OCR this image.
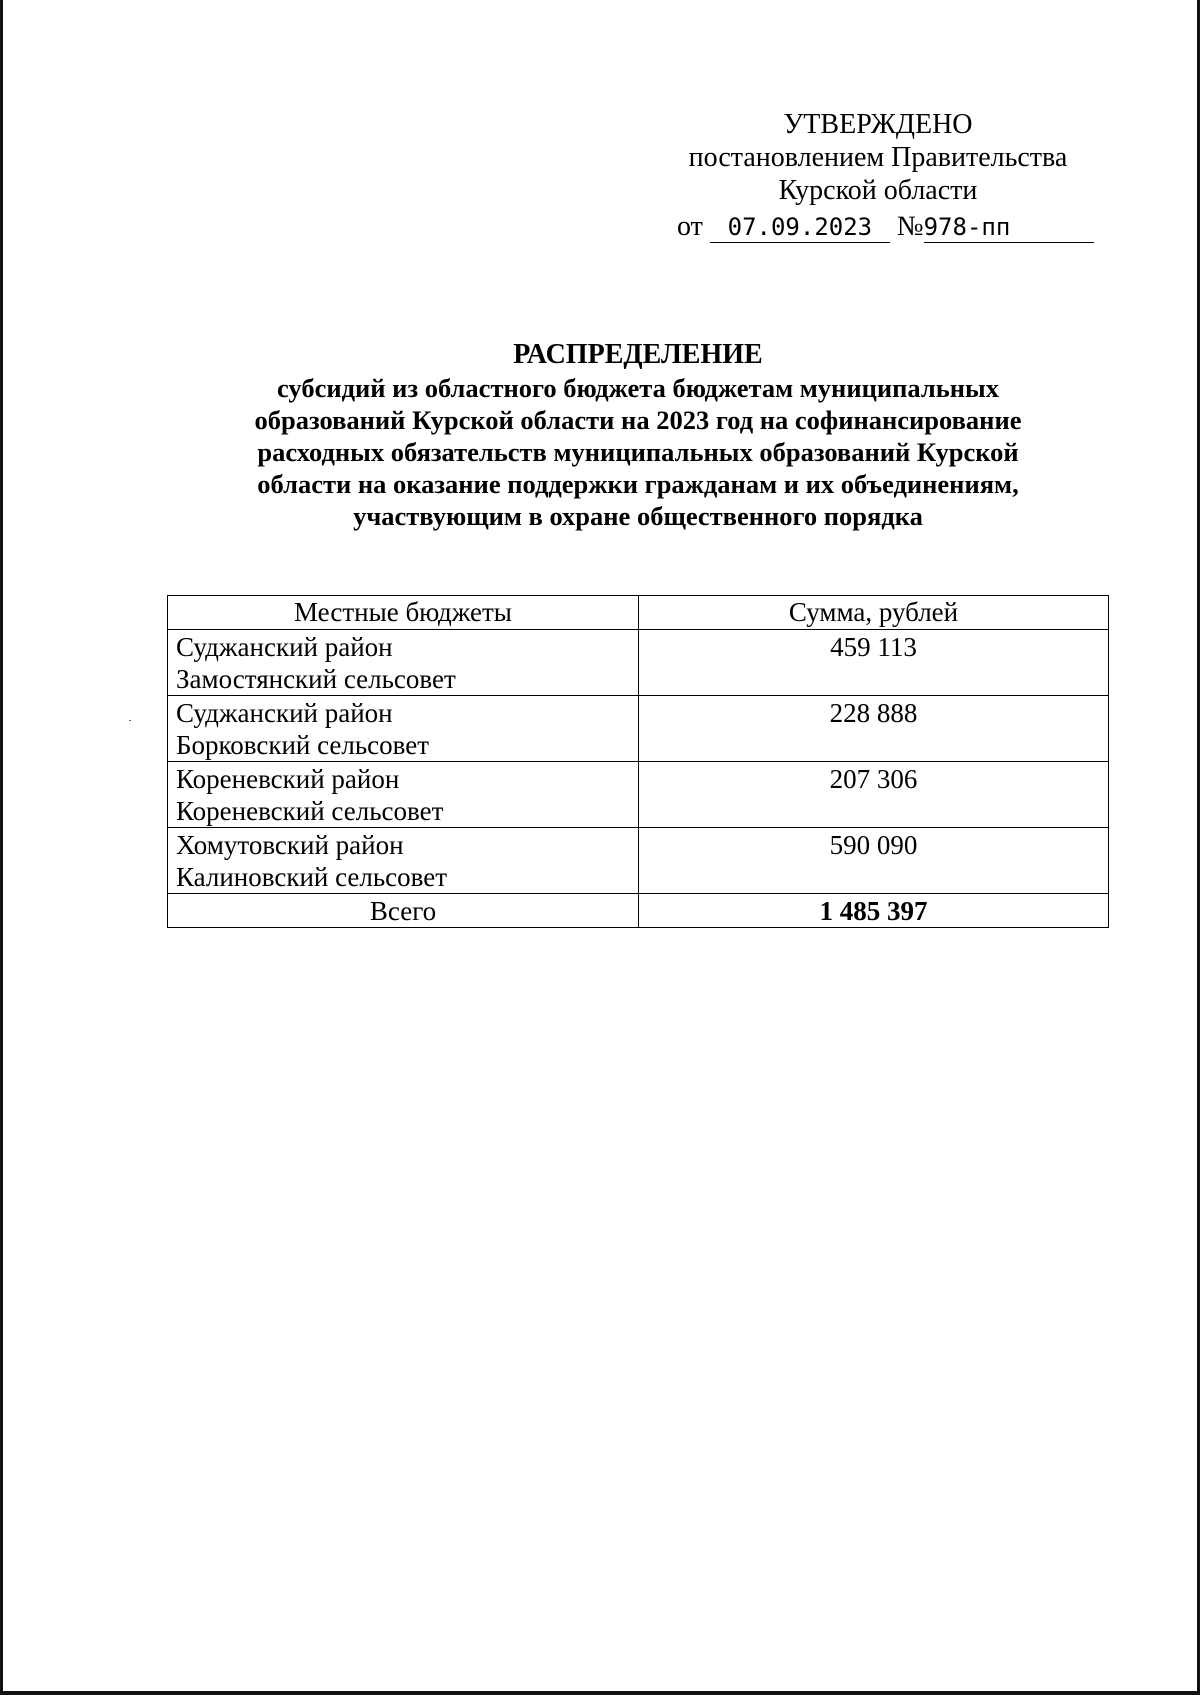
УТВЕРЖДЕНО
постановлением Правительства
Курской области
от 07.09.2023 №978-пп

РАСПРЕДЕЛЕНИЕ

субсидий из областного бюджета бюджетам муниципальных образований Курской области на 2023 год на софинансирование расходных обязательств муниципальных образований Курской области на оказание поддержки гражданам и их объединениям, участвующим в охране общественного порядка

Местные бюджеты	Сумма, рублей

Суджанский район
Замостянский сельсовет	459 113

Суджанский район
Борковский сельсовет	228 888

Кореневский район
Кореневский сельсовет	207 306

Хомутовский район
Калиновский сельсовет	590 090
Всего	1 485 397
